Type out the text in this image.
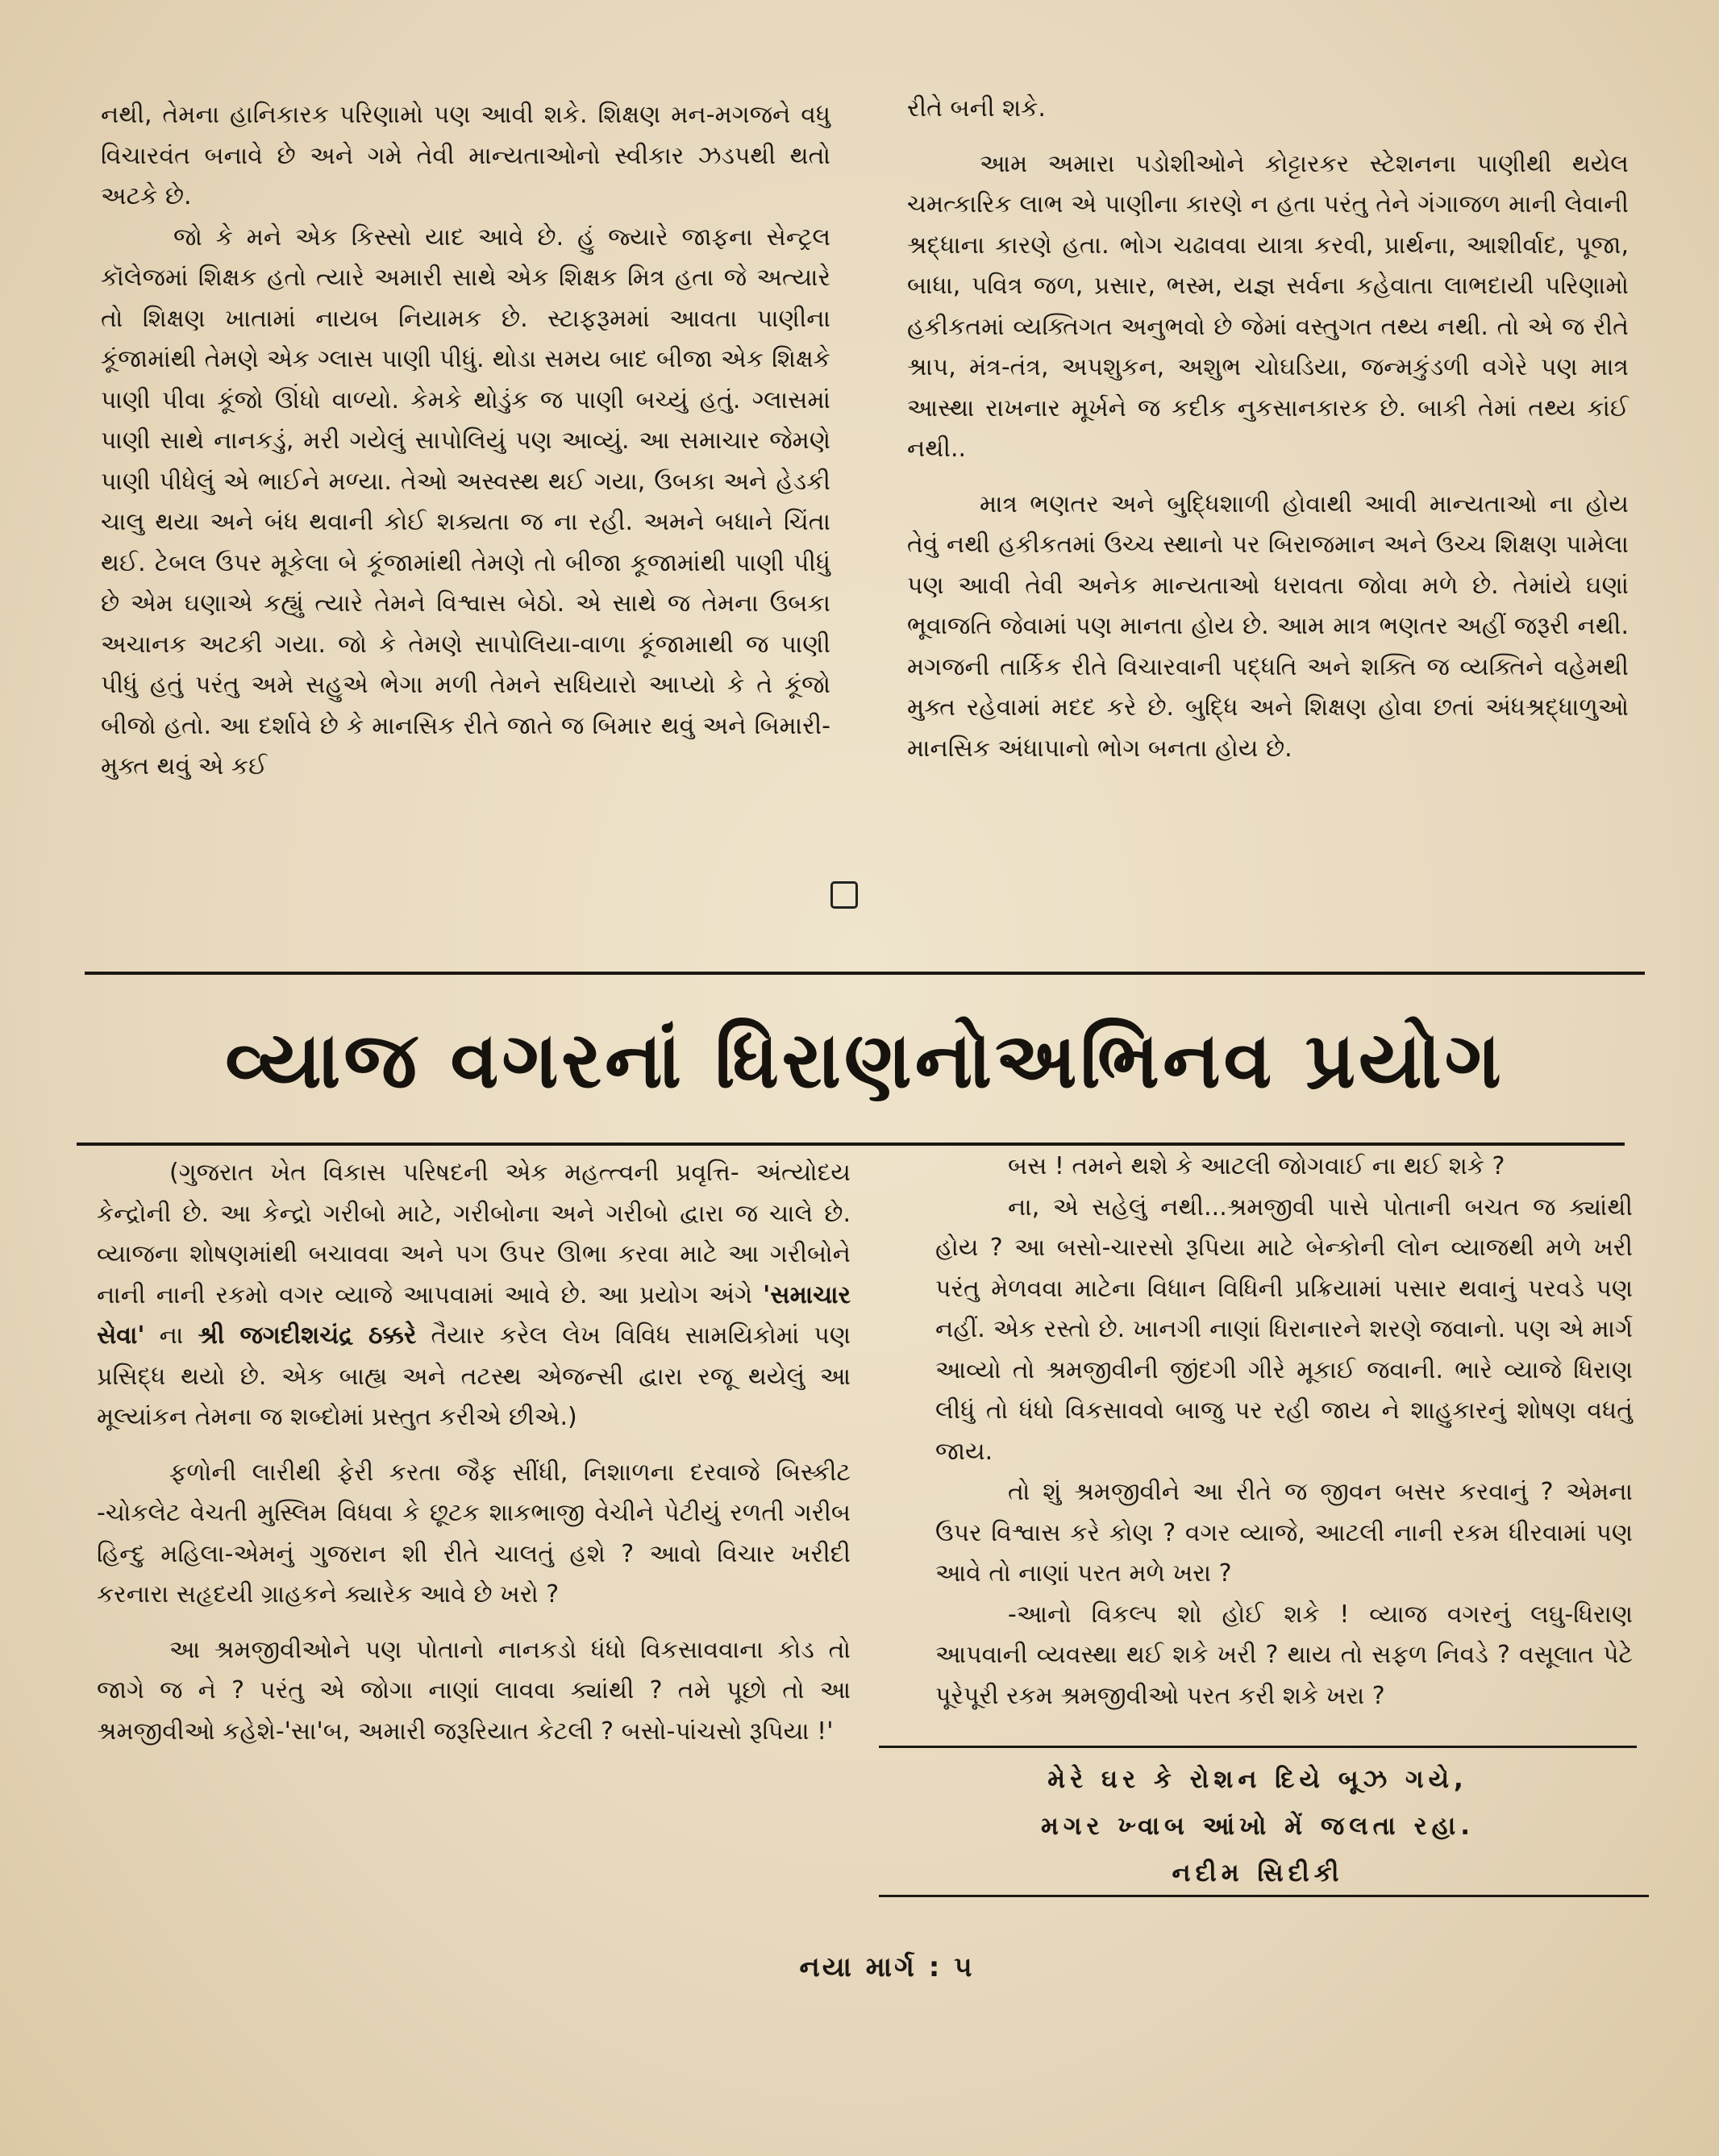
નથી, તેમના હાનિકારક પરિણામો પણ આવી શકે. શિક્ષણ મન-મગજને વધુ વિચારવંત બનાવે છે અને ગમે તેવી માન્યતાઓનો સ્વીકાર ઝડપથી થતો અટકે છે.

જો કે મને એક કિસ્સો યાદ આવે છે. હું જ્યારે જાફના સેન્ટ્રલ કૉલેજમાં શિક્ષક હતો ત્યારે અમારી સાથે એક શિક્ષક મિત્ર હતા જે અત્યારે તો શિક્ષણ ખાતામાં નાયબ નિયામક છે. સ્ટાફરૂમમાં આવતા પાણીના કૂંજામાંથી તેમણે એક ગ્લાસ પાણી પીધું. થોડા સમય બાદ બીજા એક શિક્ષકે પાણી પીવા કૂંજો ઊંધો વાળ્યો. કેમકે થોડુંક જ પાણી બચ્યું હતું. ગ્લાસમાં પાણી સાથે નાનકડું, મરી ગયેલું સાપોલિયું પણ આવ્યું. આ સમાચાર જેમણે પાણી પીધેલું એ ભાઈને મળ્યા. તેઓ અસ્વસ્થ થઈ ગયા, ઉબકા અને હેડકી ચાલુ થયા અને બંધ થવાની કોઈ શક્યતા જ ના રહી. અમને બધાને ચિંતા થઈ. ટેબલ ઉપર મૂકેલા બે કૂંજામાંથી તેમણે તો બીજા કૂજામાંથી પાણી પીધું છે એમ ઘણાએ કહ્યું ત્યારે તેમને વિશ્વાસ બેઠો. એ સાથે જ તેમના ઉબકા અચાનક અટકી ગયા. જો કે તેમણે સાપોલિયા-વાળા કૂંજામાથી જ પાણી પીધું હતું પરંતુ અમે સહુએ ભેગા મળી તેમને સધિયારો આપ્યો કે તે કૂંજો બીજો હતો. આ દર્શાવે છે કે માનસિક રીતે જાતે જ બિમાર થવું અને બિમારી-મુક્ત થવું એ કઈ

રીતે બની શકે.

આમ અમારા પડોશીઓને કોટ્ટારકર સ્ટેશનના પાણીથી થયેલ ચમત્કારિક લાભ એ પાણીના કારણે ન હતા પરંતુ તેને ગંગાજળ માની લેવાની શ્રદ્ધાના કારણે હતા. ભોગ ચઢાવવા યાત્રા કરવી, પ્રાર્થના, આશીર્વાદ, પૂજા, બાધા, પવિત્ર જળ, પ્રસાર, ભસ્મ, યજ્ઞ સર્વના કહેવાતા લાભદાયી પરિણામો હકીકતમાં વ્યક્તિગત અનુભવો છે જેમાં વસ્તુગત તથ્ય નથી. તો એ જ રીતે શ્રાપ, મંત્ર-તંત્ર, અપશુકન, અશુભ ચોઘડિયા, જન્મકુંડળી વગેરે પણ માત્ર આસ્થા રાખનાર મૂર્ખને જ કદીક નુકસાનકારક છે. બાકી તેમાં તથ્ય કાંઈ નથી..

માત્ર ભણતર અને બુદ્ધિશાળી હોવાથી આવી માન્યતાઓ ના હોય તેવું નથી હકીકતમાં ઉચ્ચ સ્થાનો પર બિરાજમાન અને ઉચ્ચ શિક્ષણ પામેલા પણ આવી તેવી અનેક માન્યતાઓ ધરાવતા જોવા મળે છે. તેમાંયે ઘણાં ભૂવાજતિ જેવામાં પણ માનતા હોય છે. આમ માત્ર ભણતર અહીં જરૂરી નથી. મગજની તાર્કિક રીતે વિચારવાની પદ્ધતિ અને શક્તિ જ વ્યક્તિને વહેમથી મુક્ત રહેવામાં મદદ કરે છે. બુદ્ધિ અને શિક્ષણ હોવા છતાં અંધશ્રદ્ધાળુઓ માનસિક અંધાપાનો ભોગ બનતા હોય છે.

વ્યાજ વગરનાં ધિરાણનોઅભિનવ પ્રયોગ

(ગુજરાત ખેત વિકાસ પરિષદની એક મહત્ત્વની પ્રવૃત્તિ- અંત્યોદય કેન્દ્રોની છે. આ કેન્દ્રો ગરીબો માટે, ગરીબોના અને ગરીબો દ્વારા જ ચાલે છે. વ્યાજના શોષણમાંથી બચાવવા અને પગ ઉપર ઊભા કરવા માટે આ ગરીબોને નાની નાની રકમો વગર વ્યાજે આપવામાં આવે છે. આ પ્રયોગ અંગે 'સમાચાર સેવા' ના શ્રી જગદીશચંદ્ર ઠક્કરે તૈયાર કરેલ લેખ વિવિધ સામયિકોમાં પણ પ્રસિદ્ધ થયો છે. એક બાહ્ય અને તટસ્થ એજન્સી દ્વારા રજૂ થયેલું આ મૂલ્યાંકન તેમના જ શબ્દોમાં પ્રસ્તુત કરીએ છીએ.)

ફળોની લારીથી ફેરી કરતા જૈફ સીંધી, નિશાળના દરવાજે બિસ્કીટ -ચોકલેટ વેચતી મુસ્લિમ વિધવા કે છૂટક શાકભાજી વેચીને પેટીયું રળતી ગરીબ હિન્દુ મહિલા-એમનું ગુજરાન શી રીતે ચાલતું હશે ? આવો વિચાર ખરીદી કરનારા સહૃદયી ગ્રાહકને ક્યારેક આવે છે ખરો ?

આ શ્રમજીવીઓને પણ પોતાનો નાનકડો ધંધો વિકસાવવાના કોડ તો જાગે જ ને ? પરંતુ એ જોગા નાણાં લાવવા ક્યાંથી ? તમે પૂછો તો આ શ્રમજીવીઓ કહેશે-'સા'બ, અમારી જરૂરિયાત કેટલી ? બસો-પાંચસો રૂપિયા !'

બસ ! તમને થશે કે આટલી જોગવાઈ ના થઈ શકે ?

ના, એ સહેલું નથી...શ્રમજીવી પાસે પોતાની બચત જ ક્યાંથી હોય ? આ બસો-ચારસો રૂપિયા માટે બેન્કોની લોન વ્યાજથી મળે ખરી પરંતુ મેળવવા માટેના વિધાન વિધિની પ્રક્રિયામાં પસાર થવાનું પરવડે પણ નહીં. એક રસ્તો છે. ખાનગી નાણાં ધિરાનારને શરણે જવાનો. પણ એ માર્ગ આવ્યો તો શ્રમજીવીની જીંદગી ગીરે મૂકાઈ જવાની. ભારે વ્યાજે ધિરાણ લીધું તો ધંધો વિકસાવવો બાજુ પર રહી જાય ને શાહુકારનું શોષણ વધતું જાય.

તો શું શ્રમજીવીને આ રીતે જ જીવન બસર કરવાનું ? એમના ઉપર વિશ્વાસ કરે કોણ ? વગર વ્યાજે, આટલી નાની રકમ ધીરવામાં પણ આવે તો નાણાં પરત મળે ખરા ?

-આનો વિકલ્પ શો હોઈ શકે ! વ્યાજ વગરનું લઘુ-ધિરાણ આપવાની વ્યવસ્થા થઈ શકે ખરી ? થાય તો સફળ નિવડે ? વસૂલાત પેટે પૂરેપૂરી રકમ શ્રમજીવીઓ પરત કરી શકે ખરા ?

મેરે ઘર કે રોશન દિયે બૂઝ ગયે,
મગર ખ્વાબ આંખો મેં જલતા રહા.
નદીમ સિદીકી
નયા માર્ગ : ૫
